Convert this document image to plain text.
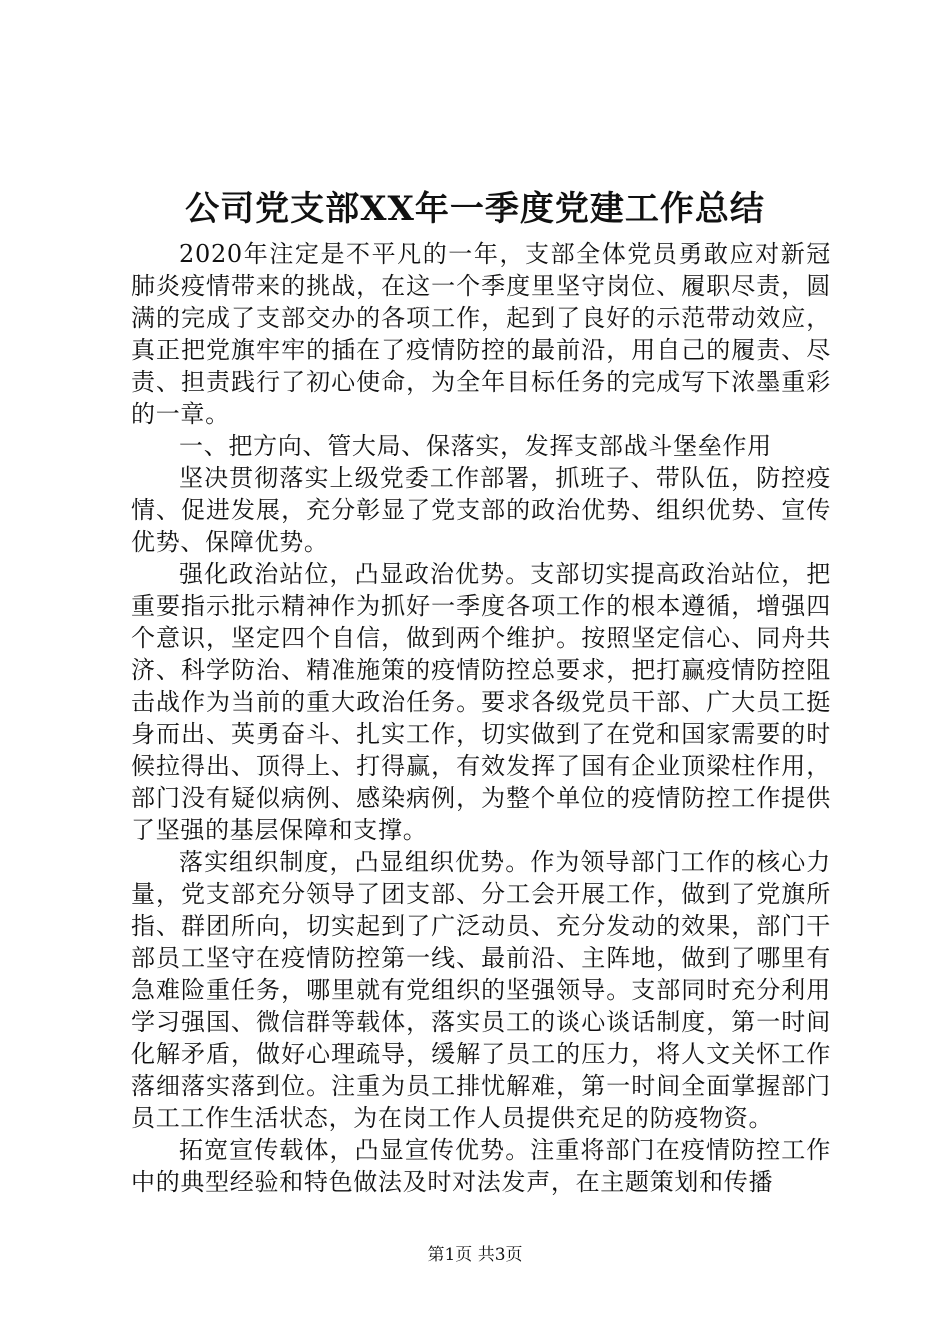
公司党支部XX年一季度党建工作总结

2020年注定是不平凡的一年，支部全体党员勇敢应对新冠肺炎疫情带来的挑战，在这一个季度里坚守岗位、履职尽责，圆满的完成了支部交办的各项工作，起到了良好的示范带动效应，真正把党旗牢牢的插在了疫情防控的最前沿，用自己的履责、尽责、担责践行了初心使命，为全年目标任务的完成写下浓墨重彩的一章。

一、把方向、管大局、保落实，发挥支部战斗堡垒作用

坚决贯彻落实上级党委工作部署，抓班子、带队伍，防控疫情、促进发展，充分彰显了党支部的政治优势、组织优势、宣传优势、保障优势。

强化政治站位，凸显政治优势。支部切实提高政治站位，把重要指示批示精神作为抓好一季度各项工作的根本遵循，增强四个意识，坚定四个自信，做到两个维护。按照坚定信心、同舟共济、科学防治、精准施策的疫情防控总要求，把打赢疫情防控阻击战作为当前的重大政治任务。要求各级党员干部、广大员工挺身而出、英勇奋斗、扎实工作，切实做到了在党和国家需要的时候拉得出、顶得上、打得赢，有效发挥了国有企业顶梁柱作用，部门没有疑似病例、感染病例，为整个单位的疫情防控工作提供了坚强的基层保障和支撑。

落实组织制度，凸显组织优势。作为领导部门工作的核心力量，党支部充分领导了团支部、分工会开展工作，做到了党旗所指、群团所向，切实起到了广泛动员、充分发动的效果，部门干部员工坚守在疫情防控第一线、最前沿、主阵地，做到了哪里有急难险重任务，哪里就有党组织的坚强领导。支部同时充分利用学习强国、微信群等载体，落实员工的谈心谈话制度，第一时间化解矛盾，做好心理疏导，缓解了员工的压力，将人文关怀工作落细落实落到位。注重为员工排忧解难，第一时间全面掌握部门员工工作生活状态，为在岗工作人员提供充足的防疫物资。

拓宽宣传载体，凸显宣传优势。注重将部门在疫情防控工作中的典型经验和特色做法及时对法发声，在主题策划和传播

第1页 共3页
